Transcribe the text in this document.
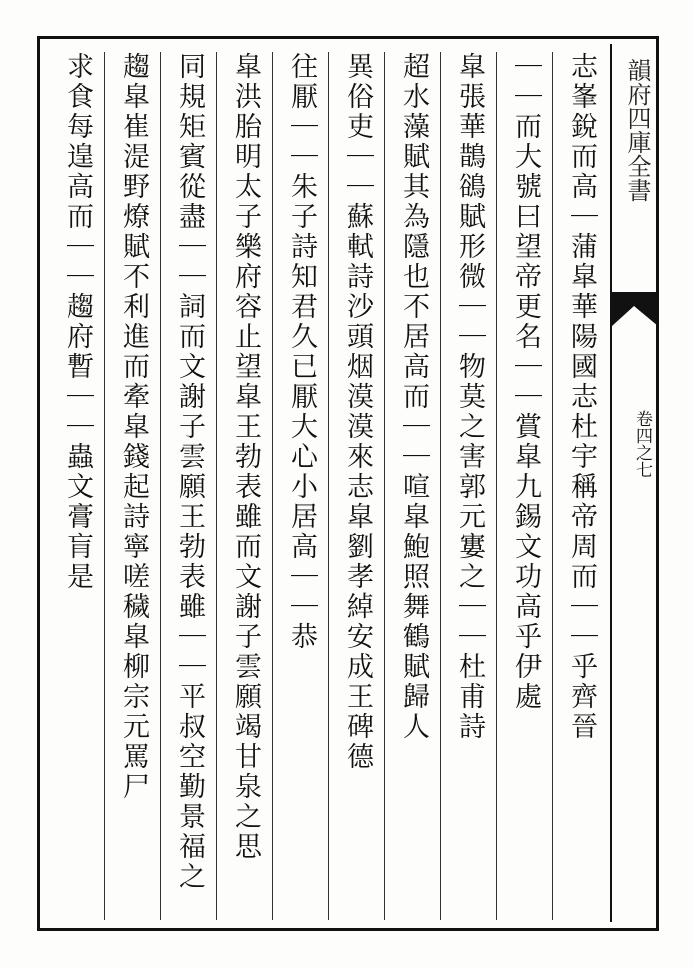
韻府四庫全書
卷四之七
志峯銳而高｜蒲皐華陽國志杜宇稱帝周而｜｜乎齊晉
｜｜而大號曰望帝更名｜｜賞皐九錫文功高乎伊處
皐張華鵲鵒賦形微｜｜物莫之害郭元寠之｜｜杜甫詩
超水藻賦其為隱也不居高而｜｜喧皐鮑照舞鶴賦歸人
異俗吏｜｜蘇軾詩沙頭烟漠漠來志皐劉孝綽安成王碑德
往厭｜｜朱子詩知君久已厭大心小居高｜｜恭
皐洪胎明太子樂府容止望皐王勃表雖而文謝子雲願竭甘泉之思
同規矩賓從盡｜｜詞而文謝子雲願王勃表雖｜｜平叔空勤景福之
趨皐崔湜野燎賦不利進而牽皐錢起詩寧嗟穢皐柳宗元罵尸
求食每遑高而｜｜趨府暫｜｜蟲文膏肓是
